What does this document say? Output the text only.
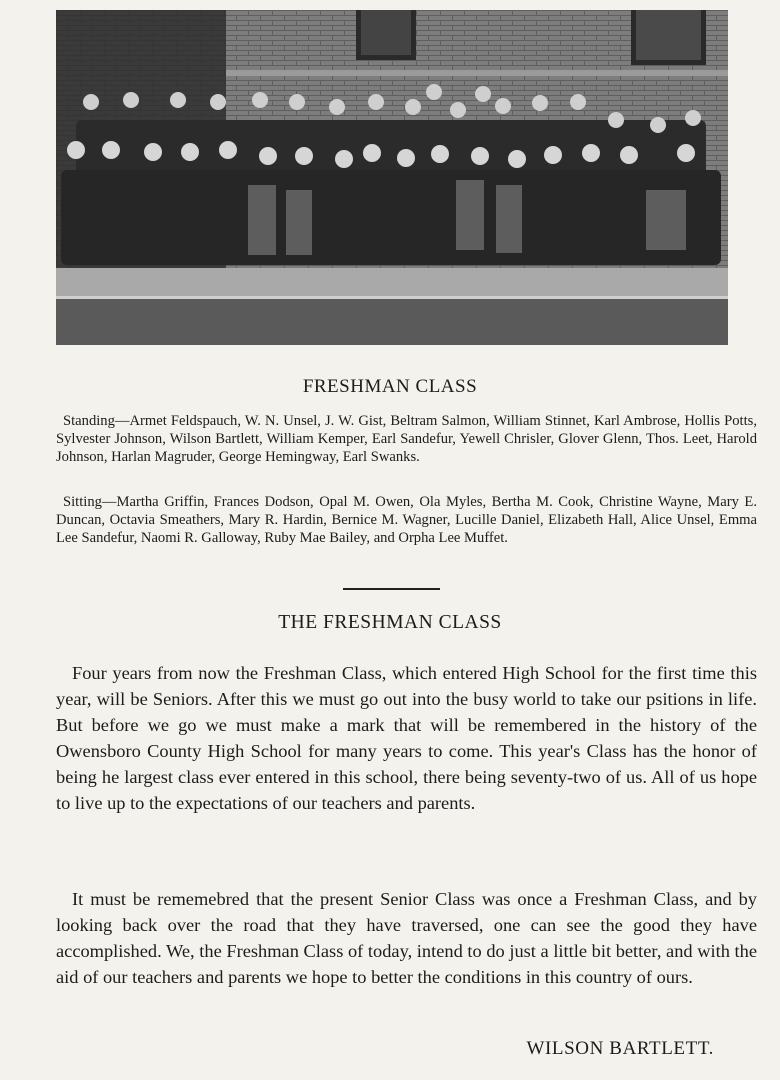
FRESHMAN CLASS

Standing—Armet Feldspauch, W. N. Unsel, J. W. Gist, Beltram Salmon, William Stinnet, Karl Ambrose, Hollis Potts, Sylvester Johnson, Wilson Bartlett, William Kemper, Earl Sandefur, Yewell Chrisler, Glover Glenn, Thos. Leet, Harold Johnson, Harlan Magruder, George Hemingway, Earl Swanks.

Sitting—Martha Griffin, Frances Dodson, Opal M. Owen, Ola Myles, Bertha M. Cook, Christine Wayne, Mary E. Duncan, Octavia Smeathers, Mary R. Hardin, Bernice M. Wagner, Lucille Daniel, Elizabeth Hall, Alice Unsel, Emma Lee Sandefur, Naomi R. Galloway, Ruby Mae Bailey, and Orpha Lee Muffet.

THE FRESHMAN CLASS

Four years from now the Freshman Class, which entered High School for the first time this year, will be Seniors. After this we must go out into the busy world to take our psitions in life. But before we go we must make a mark that will be remembered in the history of the Owensboro County High School for many years to come. This year's Class has the honor of being he largest class ever entered in this school, there being seventy-two of us. All of us hope to live up to the expectations of our teachers and parents.

It must be rememebred that the present Senior Class was once a Freshman Class, and by looking back over the road that they have traversed, one can see the good they have accomplished. We, the Freshman Class of today, intend to do just a little bit better, and with the aid of our teachers and parents we hope to better the conditions in this country of ours.

WILSON BARTLETT.
